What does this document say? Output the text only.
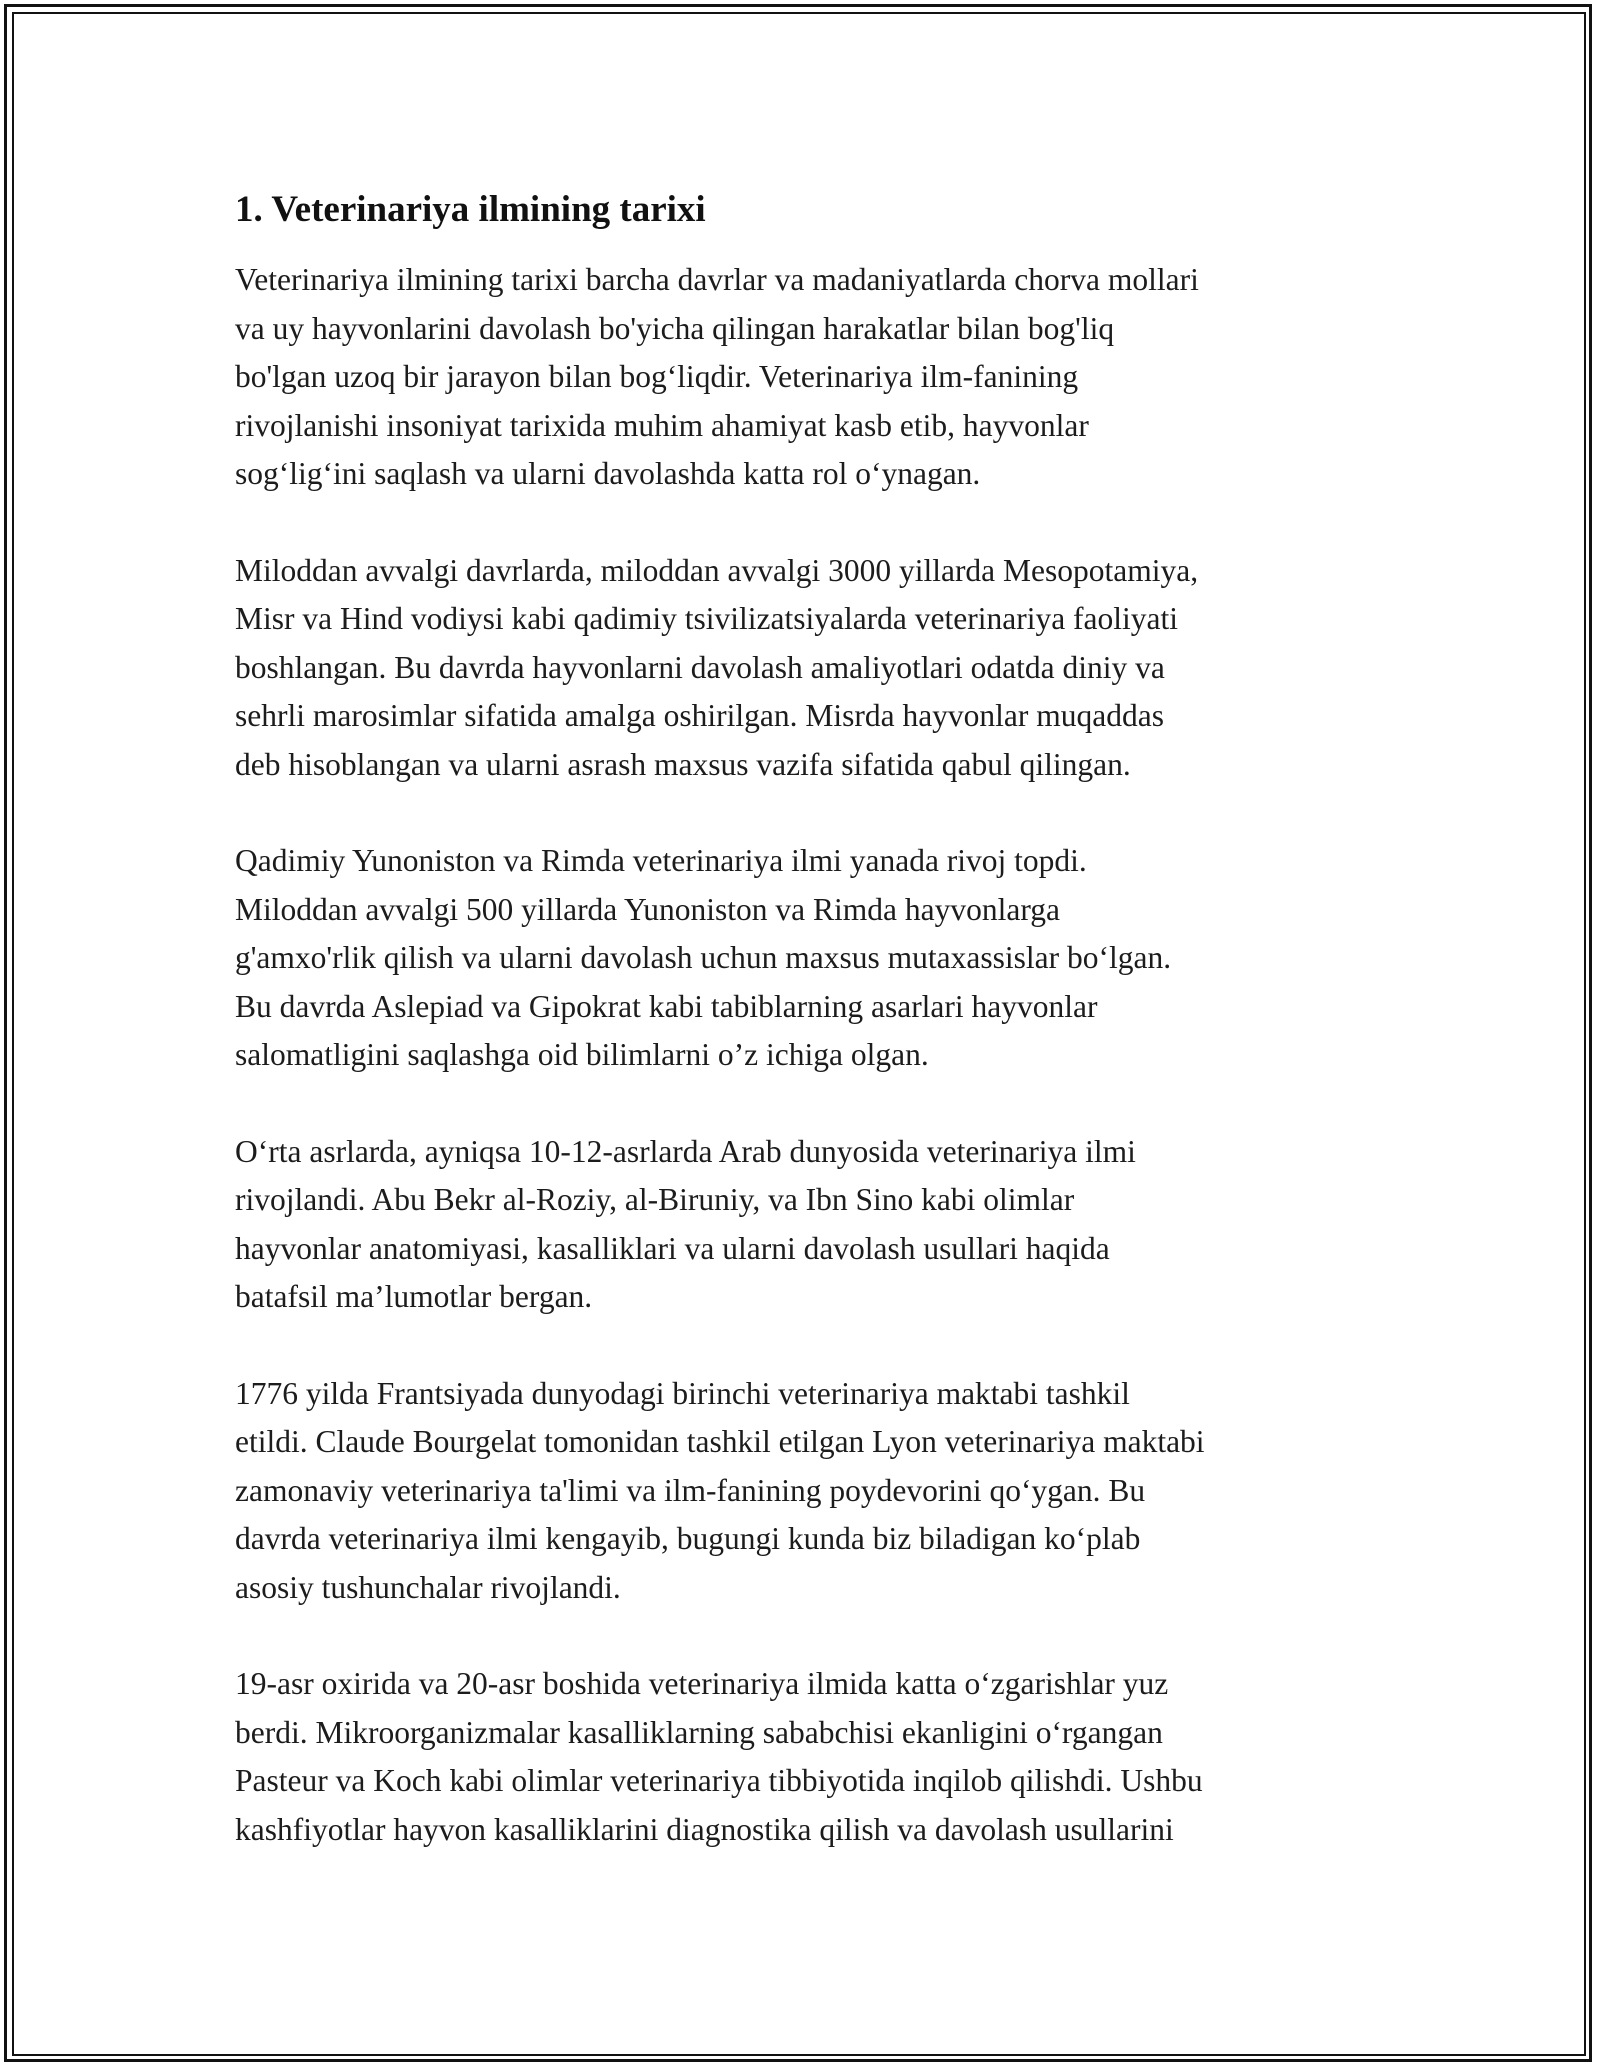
1. Veterinariya ilmining tarixi

Veterinariya ilmining tarixi barcha davrlar va madaniyatlarda chorva mollari
va uy hayvonlarini davolash bo'yicha qilingan harakatlar bilan bog'liq
bo'lgan uzoq bir jarayon bilan bog‘liqdir. Veterinariya ilm-fanining
rivojlanishi insoniyat tarixida muhim ahamiyat kasb etib, hayvonlar
sog‘lig‘ini saqlash va ularni davolashda katta rol o‘ynagan.

Miloddan avvalgi davrlarda, miloddan avvalgi 3000 yillarda Mesopotamiya,
Misr va Hind vodiysi kabi qadimiy tsivilizatsiyalarda veterinariya faoliyati
boshlangan. Bu davrda hayvonlarni davolash amaliyotlari odatda diniy va
sehrli marosimlar sifatida amalga oshirilgan. Misrda hayvonlar muqaddas
deb hisoblangan va ularni asrash maxsus vazifa sifatida qabul qilingan.

Qadimiy Yunoniston va Rimda veterinariya ilmi yanada rivoj topdi.
Miloddan avvalgi 500 yillarda Yunoniston va Rimda hayvonlarga
g'amxo'rlik qilish va ularni davolash uchun maxsus mutaxassislar bo‘lgan.
Bu davrda Aslepiad va Gipokrat kabi tabiblarning asarlari hayvonlar
salomatligini saqlashga oid bilimlarni o’z ichiga olgan.

O‘rta asrlarda, ayniqsa 10-12-asrlarda Arab dunyosida veterinariya ilmi
rivojlandi. Abu Bekr al-Roziy, al-Biruniy, va Ibn Sino kabi olimlar
hayvonlar anatomiyasi, kasalliklari va ularni davolash usullari haqida
batafsil ma’lumotlar bergan.

1776 yilda Frantsiyada dunyodagi birinchi veterinariya maktabi tashkil
etildi. Claude Bourgelat tomonidan tashkil etilgan Lyon veterinariya maktabi
zamonaviy veterinariya ta'limi va ilm-fanining poydevorini qo‘ygan. Bu
davrda veterinariya ilmi kengayib, bugungi kunda biz biladigan ko‘plab
asosiy tushunchalar rivojlandi.

19-asr oxirida va 20-asr boshida veterinariya ilmida katta o‘zgarishlar yuz
berdi. Mikroorganizmalar kasalliklarning sababchisi ekanligini o‘rgangan
Pasteur va Koch kabi olimlar veterinariya tibbiyotida inqilob qilishdi. Ushbu
kashfiyotlar hayvon kasalliklarini diagnostika qilish va davolash usullarini
